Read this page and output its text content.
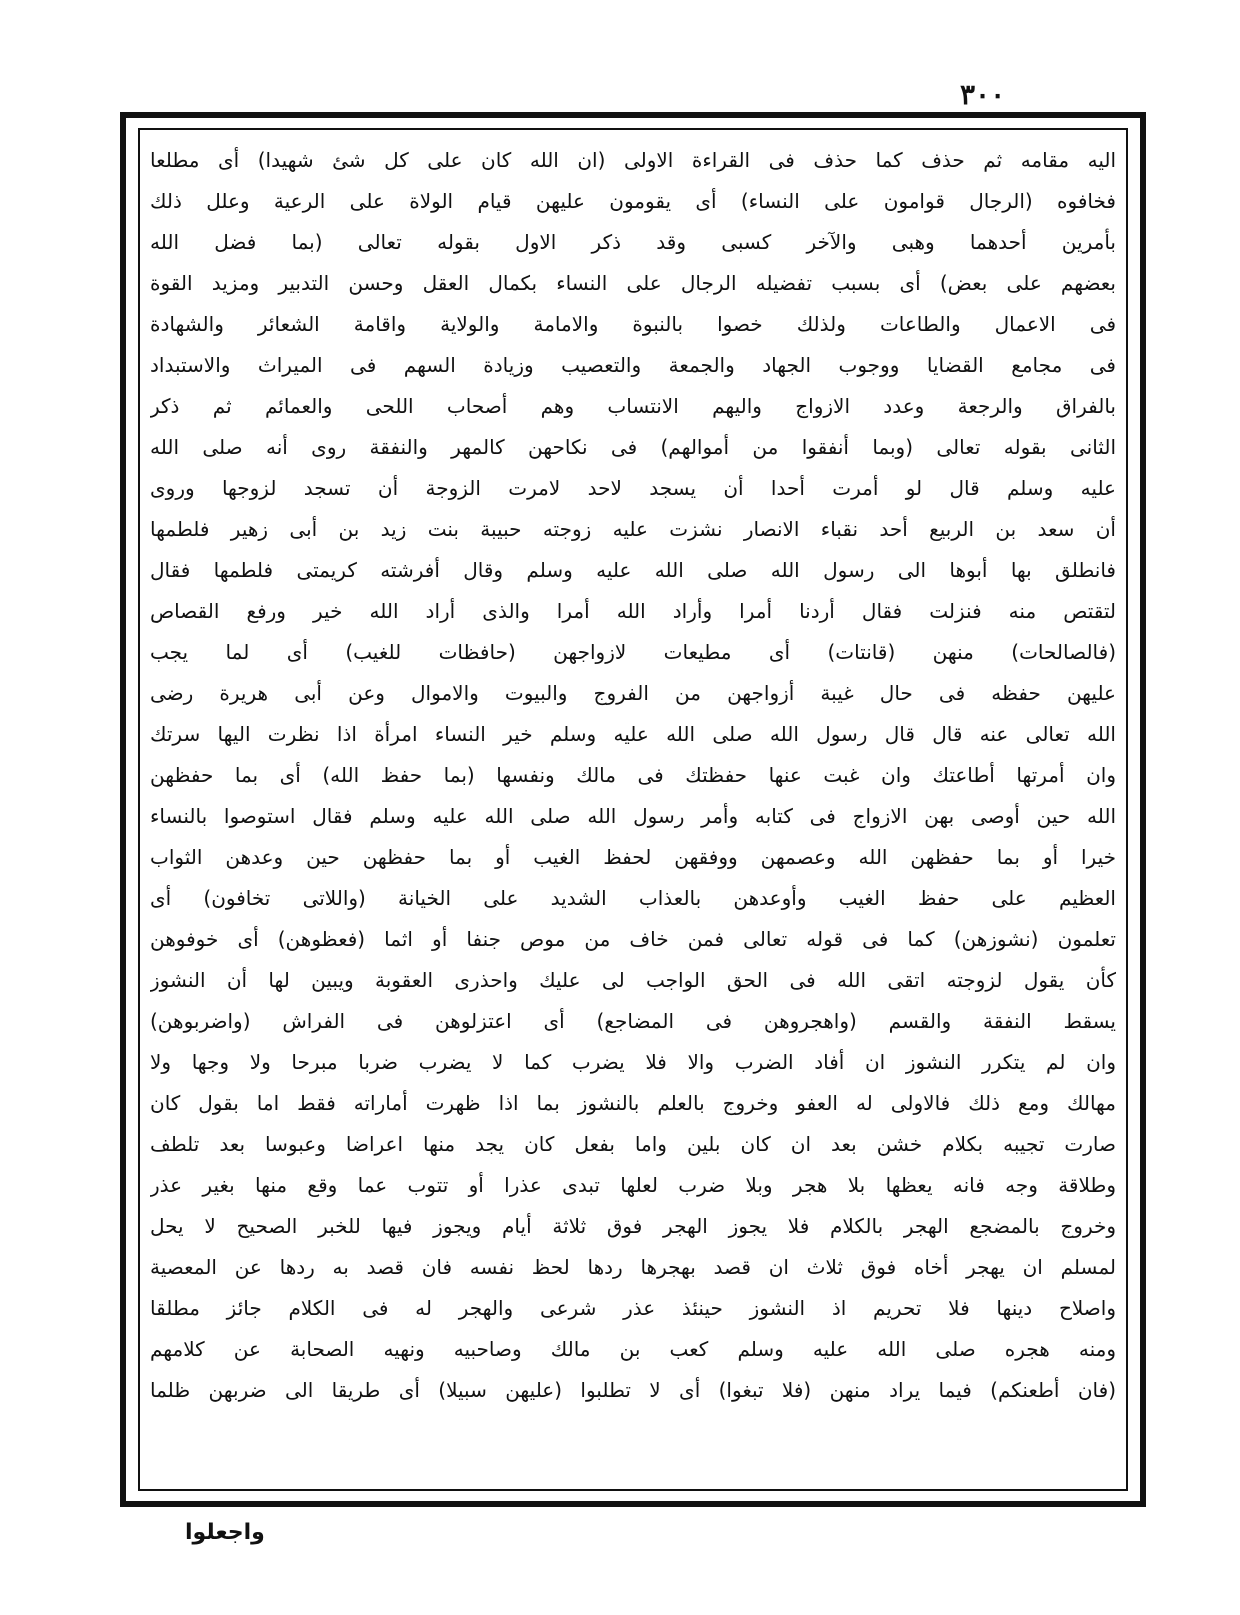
٣٠٠
اليه مقامه ثم حذف كما حذف فى القراءة الاولى (ان الله كان على كل شئ شهيدا) أى مطلعا
فخافوه (الرجال قوامون على النساء) أى يقومون عليهن قيام الولاة على الرعية وعلل ذلك
بأمرين أحدهما وهبى والآخر كسبى وقد ذكر الاول بقوله تعالى (بما فضل الله
بعضهم على بعض) أى بسبب تفضيله الرجال على النساء بكمال العقل وحسن التدبير ومزيد القوة
فى الاعمال والطاعات ولذلك خصوا بالنبوة والامامة والولاية واقامة الشعائر والشهادة
فى مجامع القضايا ووجوب الجهاد والجمعة والتعصيب وزيادة السهم فى الميراث والاستبداد
بالفراق والرجعة وعدد الازواج واليهم الانتساب وهم أصحاب اللحى والعمائم ثم ذكر
الثانى بقوله تعالى (وبما أنفقوا من أموالهم) فى نكاحهن كالمهر والنفقة روى أنه صلى الله
عليه وسلم قال لو أمرت أحدا أن يسجد لاحد لامرت الزوجة أن تسجد لزوجها وروى
أن سعد بن الربيع أحد نقباء الانصار نشزت عليه زوجته حبيبة بنت زيد بن أبى زهير فلطمها
فانطلق بها أبوها الى رسول الله صلى الله عليه وسلم وقال أفرشته كريمتى فلطمها فقال
لتقتص منه فنزلت فقال أردنا أمرا وأراد الله أمرا والذى أراد الله خير ورفع القصاص
(فالصالحات) منهن (قانتات) أى مطيعات لازواجهن (حافظات للغيب) أى لما يجب
عليهن حفظه فى حال غيبة أزواجهن من الفروج والبيوت والاموال وعن أبى هريرة رضى
الله تعالى عنه قال قال رسول الله صلى الله عليه وسلم خير النساء امرأة اذا نظرت اليها سرتك
وان أمرتها أطاعتك وان غبت عنها حفظتك فى مالك ونفسها (بما حفظ الله) أى بما حفظهن
الله حين أوصى بهن الازواج فى كتابه وأمر رسول الله صلى الله عليه وسلم فقال استوصوا بالنساء
خيرا أو بما حفظهن الله وعصمهن ووفقهن لحفظ الغيب أو بما حفظهن حين وعدهن الثواب
العظيم على حفظ الغيب وأوعدهن بالعذاب الشديد على الخيانة (واللاتى تخافون) أى
تعلمون (نشوزهن) كما فى قوله تعالى فمن خاف من موص جنفا أو اثما (فعظوهن) أى خوفوهن
كأن يقول لزوجته اتقى الله فى الحق الواجب لى عليك واحذرى العقوبة ويبين لها أن النشوز
يسقط النفقة والقسم (واهجروهن فى المضاجع) أى اعتزلوهن فى الفراش (واضربوهن)
وان لم يتكرر النشوز ان أفاد الضرب والا فلا يضرب كما لا يضرب ضربا مبرحا ولا وجها ولا
مهالك ومع ذلك فالاولى له العفو وخروج بالعلم بالنشوز بما اذا ظهرت أماراته فقط اما بقول كان
صارت تجيبه بكلام خشن بعد ان كان بلين واما بفعل كان يجد منها اعراضا وعبوسا بعد تلطف
وطلاقة وجه فانه يعظها بلا هجر وبلا ضرب لعلها تبدى عذرا أو تتوب عما وقع منها بغير عذر
وخروج بالمضجع الهجر بالكلام فلا يجوز الهجر فوق ثلاثة أيام ويجوز فيها للخبر الصحيح لا يحل
لمسلم ان يهجر أخاه فوق ثلاث ان قصد بهجرها ردها لحظ نفسه فان قصد به ردها عن المعصية
واصلاح دينها فلا تحريم اذ النشوز حينئذ عذر شرعى والهجر له فى الكلام جائز مطلقا
ومنه هجره صلى الله عليه وسلم كعب بن مالك وصاحبيه ونهيه الصحابة عن كلامهم
(فان أطعنكم) فيما يراد منهن (فلا تبغوا) أى لا تطلبوا (عليهن سبيلا) أى طريقا الى ضربهن ظلما
واجعلوا
